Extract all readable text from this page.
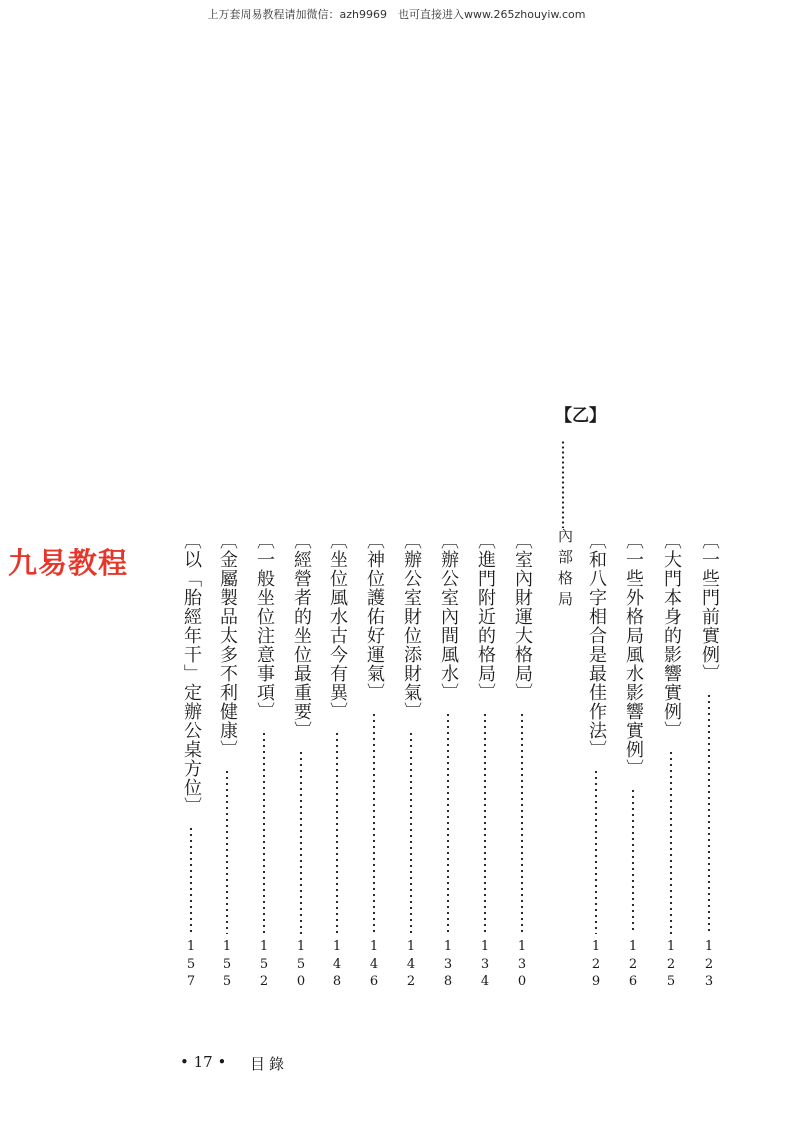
上万套周易教程请加微信：azh9969　也可直接进入www.265zhouyiw.com
九易教程
【乙】
內部格局	〔一些門前實例〕
1
2
3
〔大門本身的影響實例〕
1
2
5
〔一些外格局風水影響實例〕
1
2
6
〔和八字相合是最佳作法〕
1
2
9
〔室內財運大格局〕
1
3
0
〔進門附近的格局〕
1
3
4
〔辦公室內間風水〕
1
3
8
〔辦公室財位添財氣〕
1
4
2
〔神位護佑好運氣〕
1
4
6
〔坐位風水古今有異〕
1
4
8
〔經營者的坐位最重要〕
1
5
0
〔一般坐位注意事項〕
1
5
2
〔金屬製品太多不利健康〕
1
5
5
〔以「胎經年干」定辦公桌方位〕
1
5
7
• 17 • 目錄
